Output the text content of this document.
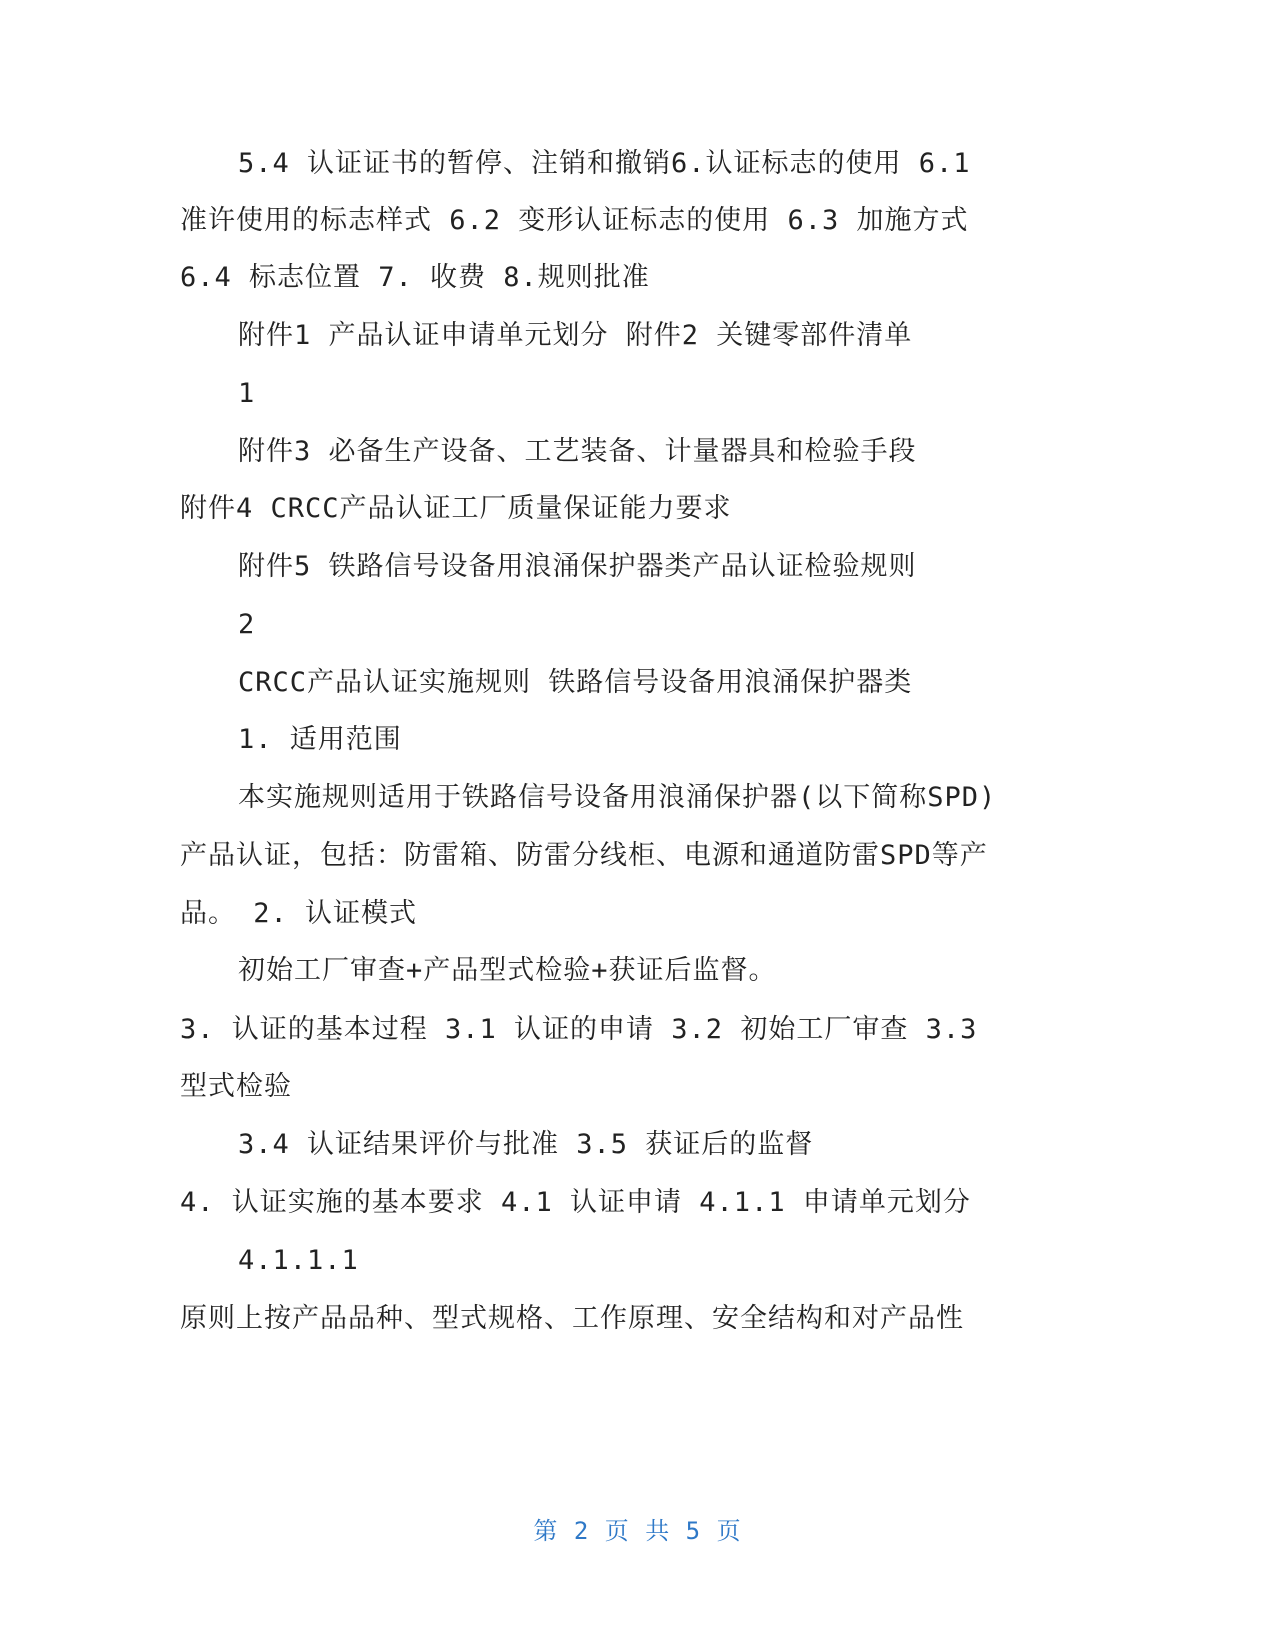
5.4 认证证书的暂停、注销和撤销6.认证标志的使用 6.1
准许使用的标志样式 6.2 变形认证标志的使用 6.3 加施方式
6.4 标志位置 7. 收费 8.规则批准
附件1 产品认证申请单元划分 附件2 关键零部件清单
1
附件3 必备生产设备、工艺装备、计量器具和检验手段
附件4 CRCC产品认证工厂质量保证能力要求
附件5 铁路信号设备用浪涌保护器类产品认证检验规则
2
CRCC产品认证实施规则 铁路信号设备用浪涌保护器类
1. 适用范围
本实施规则适用于铁路信号设备用浪涌保护器(以下简称SPD)
产品认证，包括：防雷箱、防雷分线柜、电源和通道防雷SPD等产
品。 2. 认证模式
初始工厂审查+产品型式检验+获证后监督。
3. 认证的基本过程 3.1 认证的申请 3.2 初始工厂审查 3.3
型式检验
3.4 认证结果评价与批准 3.5 获证后的监督
4. 认证实施的基本要求 4.1 认证申请 4.1.1 申请单元划分
4.1.1.1
原则上按产品品种、型式规格、工作原理、安全结构和对产品性
第 2 页 共 5 页
